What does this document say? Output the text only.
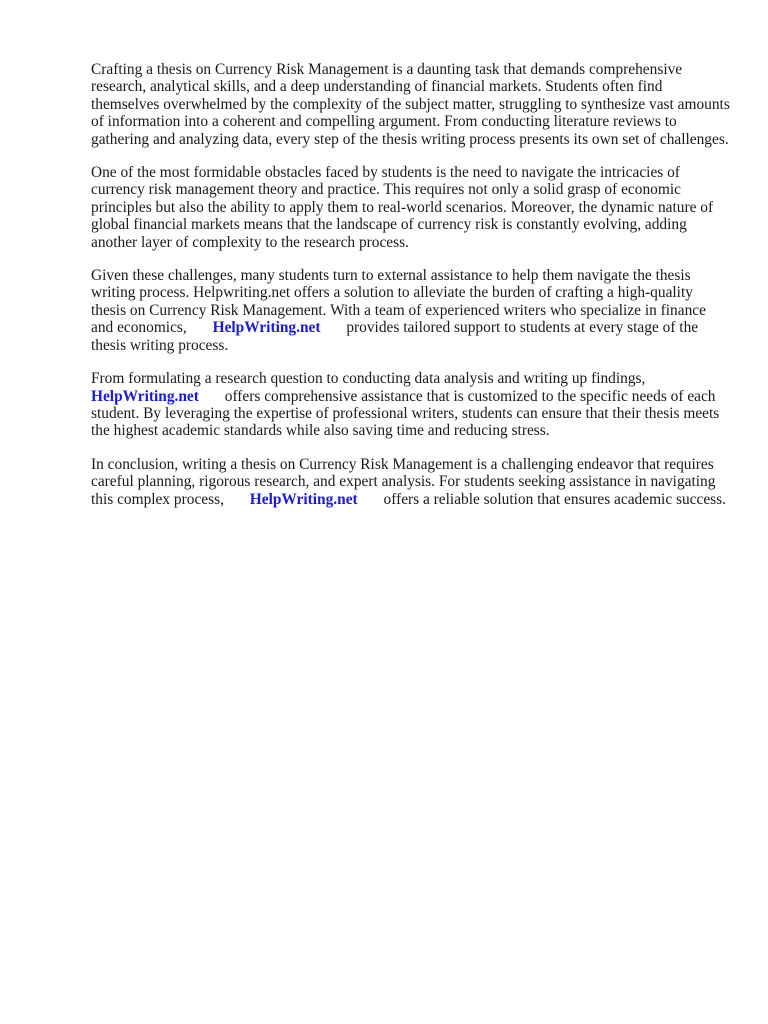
Crafting a thesis on Currency Risk Management is a daunting task that demands comprehensive research, analytical skills, and a deep understanding of financial markets. Students often find themselves overwhelmed by the complexity of the subject matter, struggling to synthesize vast amounts of information into a coherent and compelling argument. From conducting literature reviews to gathering and analyzing data, every step of the thesis writing process presents its own set of challenges.

One of the most formidable obstacles faced by students is the need to navigate the intricacies of currency risk management theory and practice. This requires not only a solid grasp of economic principles but also the ability to apply them to real-world scenarios. Moreover, the dynamic nature of global financial markets means that the landscape of currency risk is constantly evolving, adding another layer of complexity to the research process.

Given these challenges, many students turn to external assistance to help them navigate the thesis writing process. Helpwriting.net offers a solution to alleviate the burden of crafting a high-quality thesis on Currency Risk Management. With a team of experienced writers who specialize in finance and economics, HelpWriting.net provides tailored support to students at every stage of the thesis writing process.

From formulating a research question to conducting data analysis and writing up findings, HelpWriting.net offers comprehensive assistance that is customized to the specific needs of each student. By leveraging the expertise of professional writers, students can ensure that their thesis meets the highest academic standards while also saving time and reducing stress.

In conclusion, writing a thesis on Currency Risk Management is a challenging endeavor that requires careful planning, rigorous research, and expert analysis. For students seeking assistance in navigating this complex process, HelpWriting.net offers a reliable solution that ensures academic success.
